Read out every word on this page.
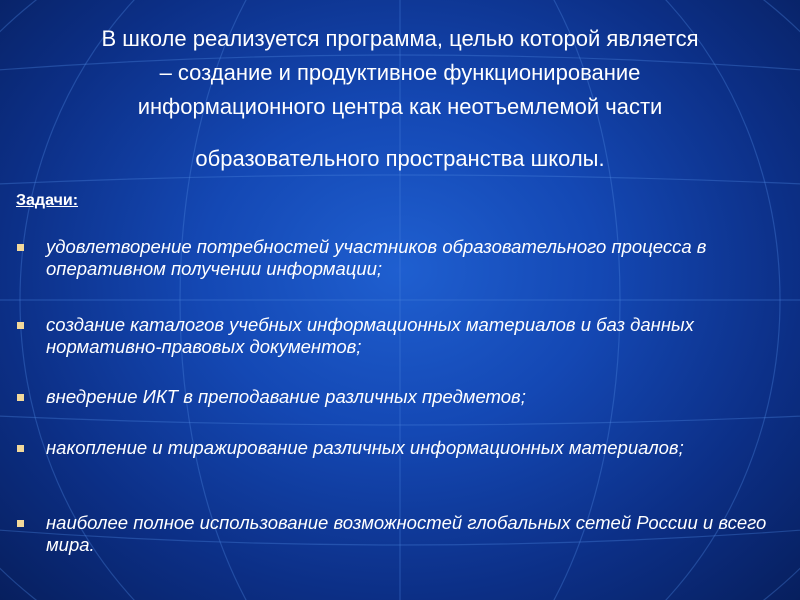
В школе реализуется программа, целью которой является
– создание и продуктивное функционирование
информационного центра как неотъемлемой части
образовательного пространства школы.
Задачи:
удовлетворение потребностей участников образовательного процесса в оперативном получении информации;
создание каталогов учебных информационных материалов и баз данных нормативно-правовых документов;
внедрение ИКТ в преподавание различных предметов;
накопление и тиражирование различных информационных материалов;
наиболее полное использование возможностей глобальных сетей России и всего мира.
